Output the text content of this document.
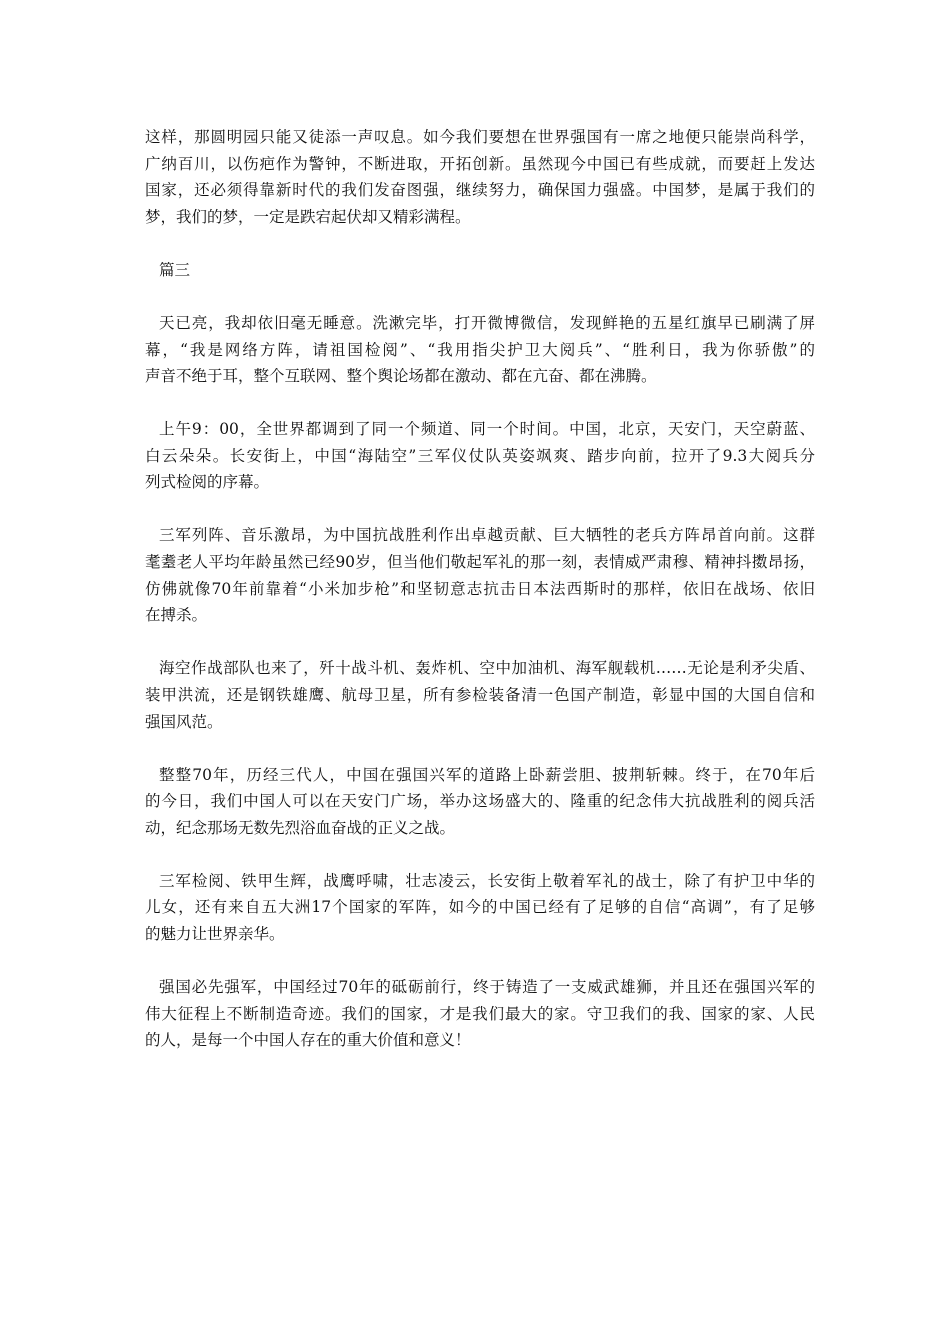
这样，那圆明园只能又徒添一声叹息。如今我们要想在世界强国有一席之地便只能崇尚科学，
广纳百川，以伤疤作为警钟，不断进取，开拓创新。虽然现今中国已有些成就，而要赶上发达
国家，还必须得靠新时代的我们发奋图强，继续努力，确保国力强盛。中国梦，是属于我们的
梦，我们的梦，一定是跌宕起伏却又精彩满程。
篇三
天已亮，我却依旧毫无睡意。洗漱完毕，打开微博微信，发现鲜艳的五星红旗早已刷满了屏
幕，“我是网络方阵，请祖国检阅”、“我用指尖护卫大阅兵”、“胜利日，我为你骄傲”的
声音不绝于耳，整个互联网、整个舆论场都在激动、都在亢奋、都在沸腾。
上午9：00，全世界都调到了同一个频道、同一个时间。中国，北京，天安门，天空蔚蓝、
白云朵朵。长安街上，中国“海陆空”三军仪仗队英姿飒爽、踏步向前，拉开了9.3大阅兵分
列式检阅的序幕。
三军列阵、音乐激昂，为中国抗战胜利作出卓越贡献、巨大牺牲的老兵方阵昂首向前。这群
耄耋老人平均年龄虽然已经90岁，但当他们敬起军礼的那一刻，表情威严肃穆、精神抖擞昂扬，
仿佛就像70年前靠着“小米加步枪”和坚韧意志抗击日本法西斯时的那样，依旧在战场、依旧
在搏杀。
海空作战部队也来了，歼十战斗机、轰炸机、空中加油机、海军舰载机……无论是利矛尖盾、
装甲洪流，还是钢铁雄鹰、航母卫星，所有参检装备清一色国产制造，彰显中国的大国自信和
强国风范。
整整70年，历经三代人，中国在强国兴军的道路上卧薪尝胆、披荆斩棘。终于，在70年后
的今日，我们中国人可以在天安门广场，举办这场盛大的、隆重的纪念伟大抗战胜利的阅兵活
动，纪念那场无数先烈浴血奋战的正义之战。
三军检阅、铁甲生辉，战鹰呼啸，壮志凌云，长安街上敬着军礼的战士，除了有护卫中华的
儿女，还有来自五大洲17个国家的军阵，如今的中国已经有了足够的自信“高调”，有了足够
的魅力让世界亲华。
强国必先强军，中国经过70年的砥砺前行，终于铸造了一支威武雄狮，并且还在强国兴军的
伟大征程上不断制造奇迹。我们的国家，才是我们最大的家。守卫我们的我、国家的家、人民
的人，是每一个中国人存在的重大价值和意义！
